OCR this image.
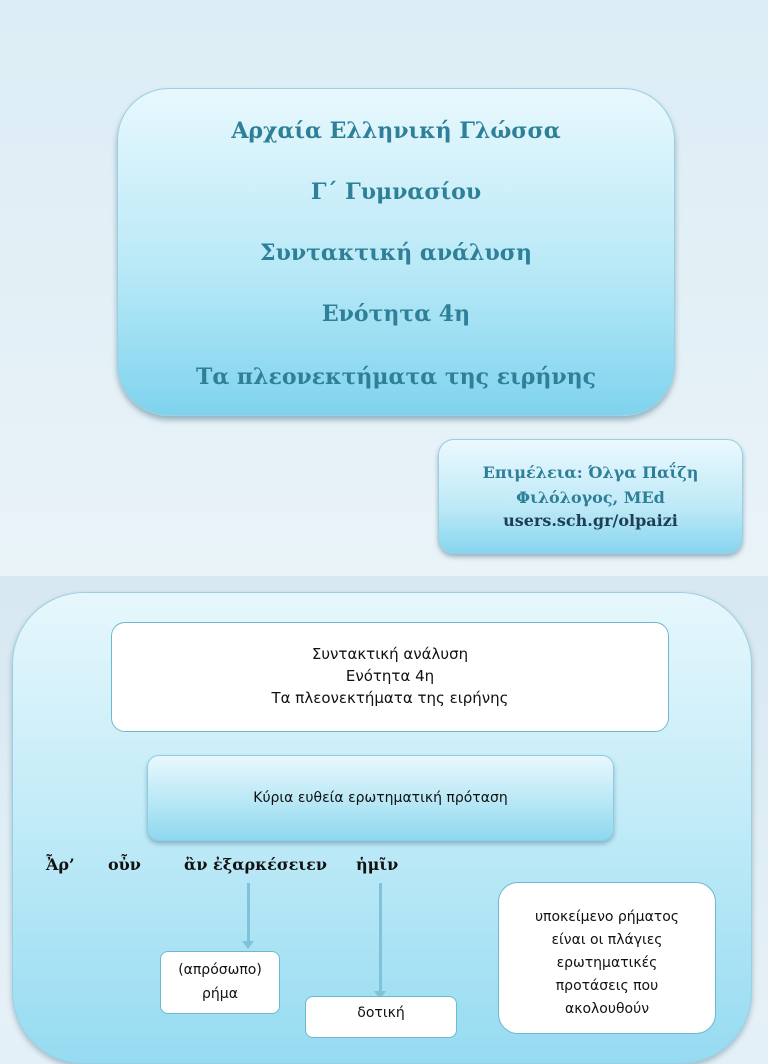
Αρχαία Ελληνική Γλώσσα
Γ΄ Γυμνασίου
Συντακτική ανάλυση
Ενότητα 4η
Τα πλεονεκτήματα της ειρήνης
Επιμέλεια: Όλγα Παΐζη
Φιλόλογος, MEd
users.sch.gr/olpaizi
Συντακτική ανάλυση
Ενότητα 4η
Τα πλεονεκτήματα της ειρήνης
Κύρια ευθεία ερωτηματική πρόταση
Ἆρ’ οὖν	ἂν ἐξαρκέσειεν ἡμῖν
(απρόσωπο)
ρήμα
δοτική
υποκείμενο ρήματος
είναι οι πλάγιες
ερωτηματικές
προτάσεις που
ακολουθούν
